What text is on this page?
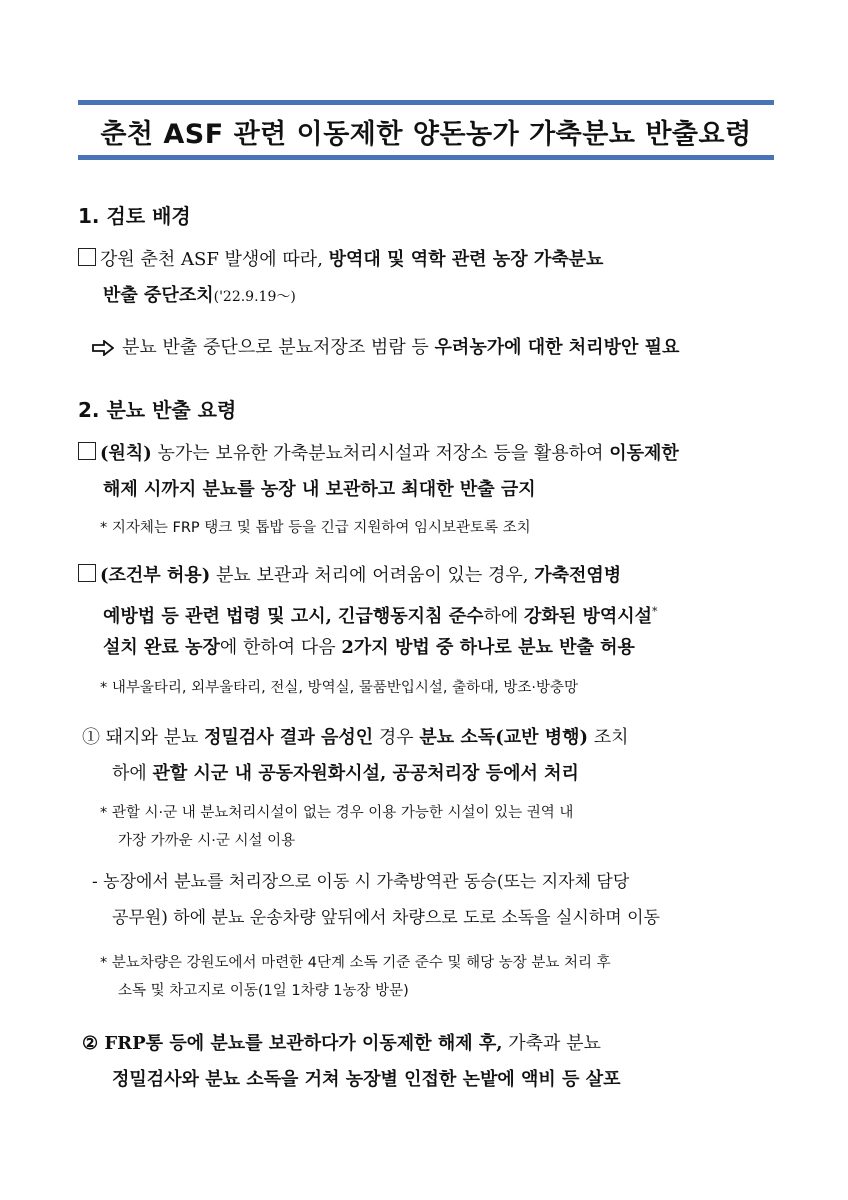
춘천 ASF 관련 이동제한 양돈농가 가축분뇨 반출요령
1. 검토 배경
강원 춘천 ASF 발생에 따라, 방역대 및 역학 관련 농장 가축분뇨
반출 중단조치('22.9.19～)
분뇨 반출 중단으로 분뇨저장조 범람 등 우려농가에 대한 처리방안 필요
2. 분뇨 반출 요령
(원칙) 농가는 보유한 가축분뇨처리시설과 저장소 등을 활용하여 이동제한
해제 시까지 분뇨를 농장 내 보관하고 최대한 반출 금지
* 지자체는 FRP 탱크 및 톱밥 등을 긴급 지원하여 임시보관토록 조치
(조건부 허용) 분뇨 보관과 처리에 어려움이 있는 경우, 가축전염병
예방법 등 관련 법령 및 고시, 긴급행동지침 준수하에 강화된 방역시설*
설치 완료 농장에 한하여 다음 2가지 방법 중 하나로 분뇨 반출 허용
* 내부울타리, 외부울타리, 전실, 방역실, 물품반입시설, 출하대, 방조·방충망
① 돼지와 분뇨 정밀검사 결과 음성인 경우 분뇨 소독(교반 병행) 조치
하에 관할 시군 내 공동자원화시설, 공공처리장 등에서 처리
* 관할 시·군 내 분뇨처리시설이 없는 경우 이용 가능한 시설이 있는 권역 내
가장 가까운 시·군 시설 이용
- 농장에서 분뇨를 처리장으로 이동 시 가축방역관 동승(또는 지자체 담당
공무원) 하에 분뇨 운송차량 앞뒤에서 차량으로 도로 소독을 실시하며 이동
* 분뇨차량은 강원도에서 마련한 4단계 소독 기준 준수 및 해당 농장 분뇨 처리 후
소독 및 차고지로 이동(1일 1차량 1농장 방문)
② FRP통 등에 분뇨를 보관하다가 이동제한 해제 후, 가축과 분뇨
정밀검사와 분뇨 소독을 거쳐 농장별 인접한 논밭에 액비 등 살포
